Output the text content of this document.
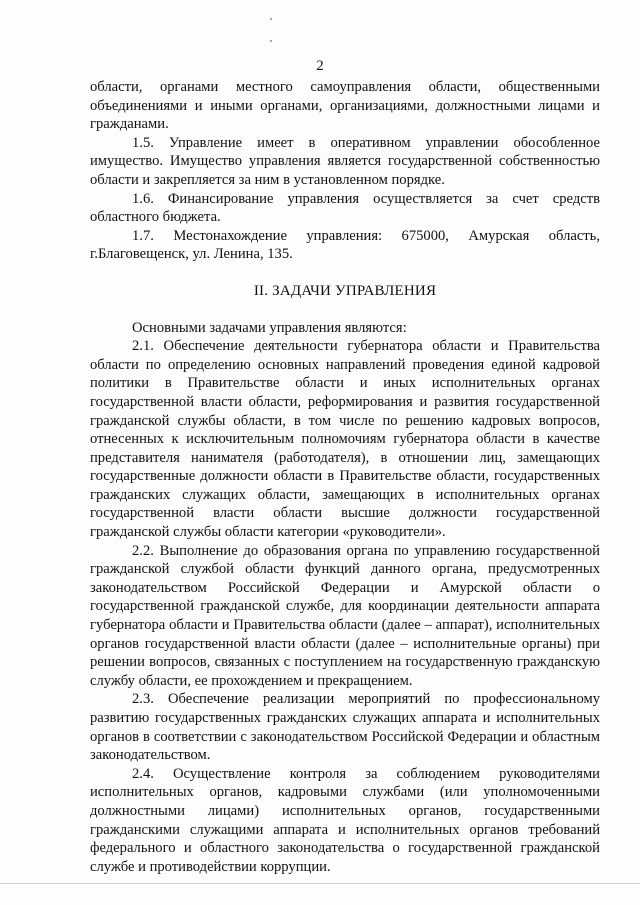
2

области, органами местного самоуправления области, общественными объединениями и иными органами, организациями, должностными лицами и гражданами.

1.5. Управление имеет в оперативном управлении обособленное имущество. Имущество управления является государственной собственностью области и закрепляется за ним в установленном порядке.

1.6. Финансирование управления осуществляется за счет средств областного бюджета.

1.7. Местонахождение управления: 675000, Амурская область, г.Благовещенск, ул. Ленина, 135.

II. ЗАДАЧИ УПРАВЛЕНИЯ

Основными задачами управления являются:

2.1. Обеспечение деятельности губернатора области и Правительства области по определению основных направлений проведения единой кадровой политики в Правительстве области и иных исполнительных органах государственной власти области, реформирования и развития государственной гражданской службы области, в том числе по решению кадровых вопросов, отнесенных к исключительным полномочиям губернатора области в качестве представителя нанимателя (работодателя), в отношении лиц, замещающих государственные должности области в Правительстве области, государственных гражданских служащих области, замещающих в исполнительных органах государственной власти области высшие должности государственной гражданской службы области категории «руководители».

2.2. Выполнение до образования органа по управлению государственной гражданской службой области функций данного органа, предусмотренных законодательством Российской Федерации и Амурской области о государственной гражданской службе, для координации деятельности аппарата губернатора области и Правительства области (далее – аппарат), исполнительных органов государственной власти области (далее – исполнительные органы) при решении вопросов, связанных с поступлением на государственную гражданскую службу области, ее прохождением и прекращением.

2.3. Обеспечение реализации мероприятий по профессиональному развитию государственных гражданских служащих аппарата и исполнительных органов в соответствии с законодательством Российской Федерации и областным законодательством.

2.4. Осуществление контроля за соблюдением руководителями исполнительных органов, кадровыми службами (или уполномоченными должностными лицами) исполнительных органов, государственными гражданскими служащими аппарата и исполнительных органов требований федерального и областного законодательства о государственной гражданской службе и противодействии коррупции.
